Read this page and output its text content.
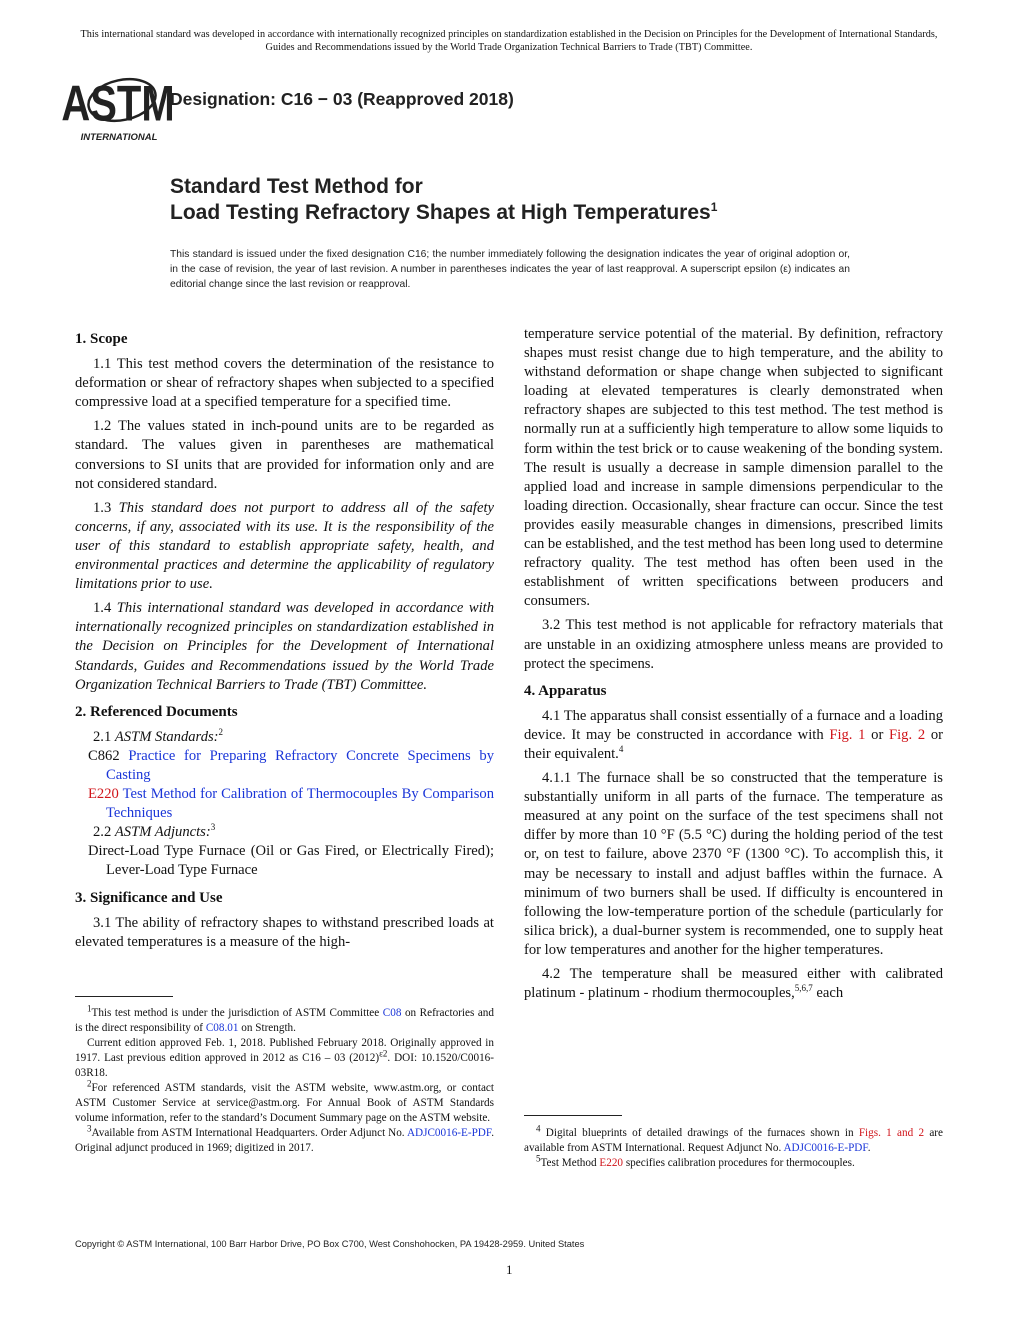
This international standard was developed in accordance with internationally recognized principles on standardization established in the Decision on Principles for the Development of International Standards, Guides and Recommendations issued by the World Trade Organization Technical Barriers to Trade (TBT) Committee.
ASTM
INTERNATIONAL
Designation: C16 − 03 (Reapproved 2018)
Standard Test Method for
Load Testing Refractory Shapes at High Temperatures$^1$
This standard is issued under the fixed designation C16; the number immediately following the designation indicates the year of original adoption or, in the case of revision, the year of last revision. A number in parentheses indicates the year of last reapproval. A superscript epsilon (ε) indicates an editorial change since the last revision or reapproval.
1. Scope

1.1 This test method covers the determination of the resistance to deformation or shear of refractory shapes when subjected to a specified compressive load at a specified temperature for a specified time.

1.2 The values stated in inch-pound units are to be regarded as standard. The values given in parentheses are mathematical conversions to SI units that are provided for information only and are not considered standard.

1.3 This standard does not purport to address all of the safety concerns, if any, associated with its use. It is the responsibility of the user of this standard to establish appropriate safety, health, and environmental practices and determine the applicability of regulatory limitations prior to use.

1.4 This international standard was developed in accordance with internationally recognized principles on standardization established in the Decision on Principles for the Development of International Standards, Guides and Recommendations issued by the World Trade Organization Technical Barriers to Trade (TBT) Committee.

2. Referenced Documents

2.1 ASTM Standards:$^2$

C862 Practice for Preparing Refractory Concrete Specimens by Casting

E220 Test Method for Calibration of Thermocouples By Comparison Techniques

2.2 ASTM Adjuncts:$^3$

Direct-Load Type Furnace (Oil or Gas Fired, or Electrically Fired); Lever-Load Type Furnace

3. Significance and Use

3.1 The ability of refractory shapes to withstand prescribed loads at elevated temperatures is a measure of the high-

$^1$This test method is under the jurisdiction of ASTM Committee C08 on Refractories and is the direct responsibility of C08.01 on Strength.

Current edition approved Feb. 1, 2018. Published February 2018. Originally approved in 1917. Last previous edition approved in 2012 as C16 – 03 $(2012)^{\varepsilon 2}$. DOI: 10.1520/C0016-03R18.

$^2$For referenced ASTM standards, visit the ASTM website, www.astm.org, or contact ASTM Customer Service at service@astm.org. For Annual Book of ASTM Standards volume information, refer to the standard’s Document Summary page on the ASTM website.

$^3$Available from ASTM International Headquarters. Order Adjunct No. ADJC0016-E-PDF. Original adjunct produced in 1969; digitized in 2017.

temperature service potential of the material. By definition, refractory shapes must resist change due to high temperature, and the ability to withstand deformation or shape change when subjected to significant loading at elevated temperatures is clearly demonstrated when refractory shapes are subjected to this test method. The test method is normally run at a sufficiently high temperature to allow some liquids to form within the test brick or to cause weakening of the bonding system. The result is usually a decrease in sample dimension parallel to the applied load and increase in sample dimensions perpendicular to the loading direction. Occasionally, shear fracture can occur. Since the test provides easily measurable changes in dimensions, prescribed limits can be established, and the test method has been long used to determine refractory quality. The test method has often been used in the establishment of written specifications between producers and consumers.

3.2 This test method is not applicable for refractory materials that are unstable in an oxidizing atmosphere unless means are provided to protect the specimens.

4. Apparatus

4.1 The apparatus shall consist essentially of a furnace and a loading device. It may be constructed in accordance with Fig. 1 or Fig. 2 or their equivalent.$^4$

4.1.1 The furnace shall be so constructed that the temperature is substantially uniform in all parts of the furnace. The temperature as measured at any point on the surface of the test specimens shall not differ by more than 10 °F (5.5 °C) during the holding period of the test or, on test to failure, above 2370 °F (1300 °C). To accomplish this, it may be necessary to install and adjust baffles within the furnace. A minimum of two burners shall be used. If difficulty is encountered in following the low-temperature portion of the schedule (particularly for silica brick), a dual-burner system is recommended, one to supply heat for low temperatures and another for the higher temperatures.

4.2 The temperature shall be measured either with calibrated platinum - platinum - rhodium thermocouples,$^{5,6,7}$ each

$^4$ Digital blueprints of detailed drawings of the furnaces shown in Figs. 1 and 2 are available from ASTM International. Request Adjunct No. ADJC0016-E-PDF.

$^5$Test Method E220 specifies calibration procedures for thermocouples.

Copyright © ASTM International, 100 Barr Harbor Drive, PO Box C700, West Conshohocken, PA 19428-2959. United States
1
